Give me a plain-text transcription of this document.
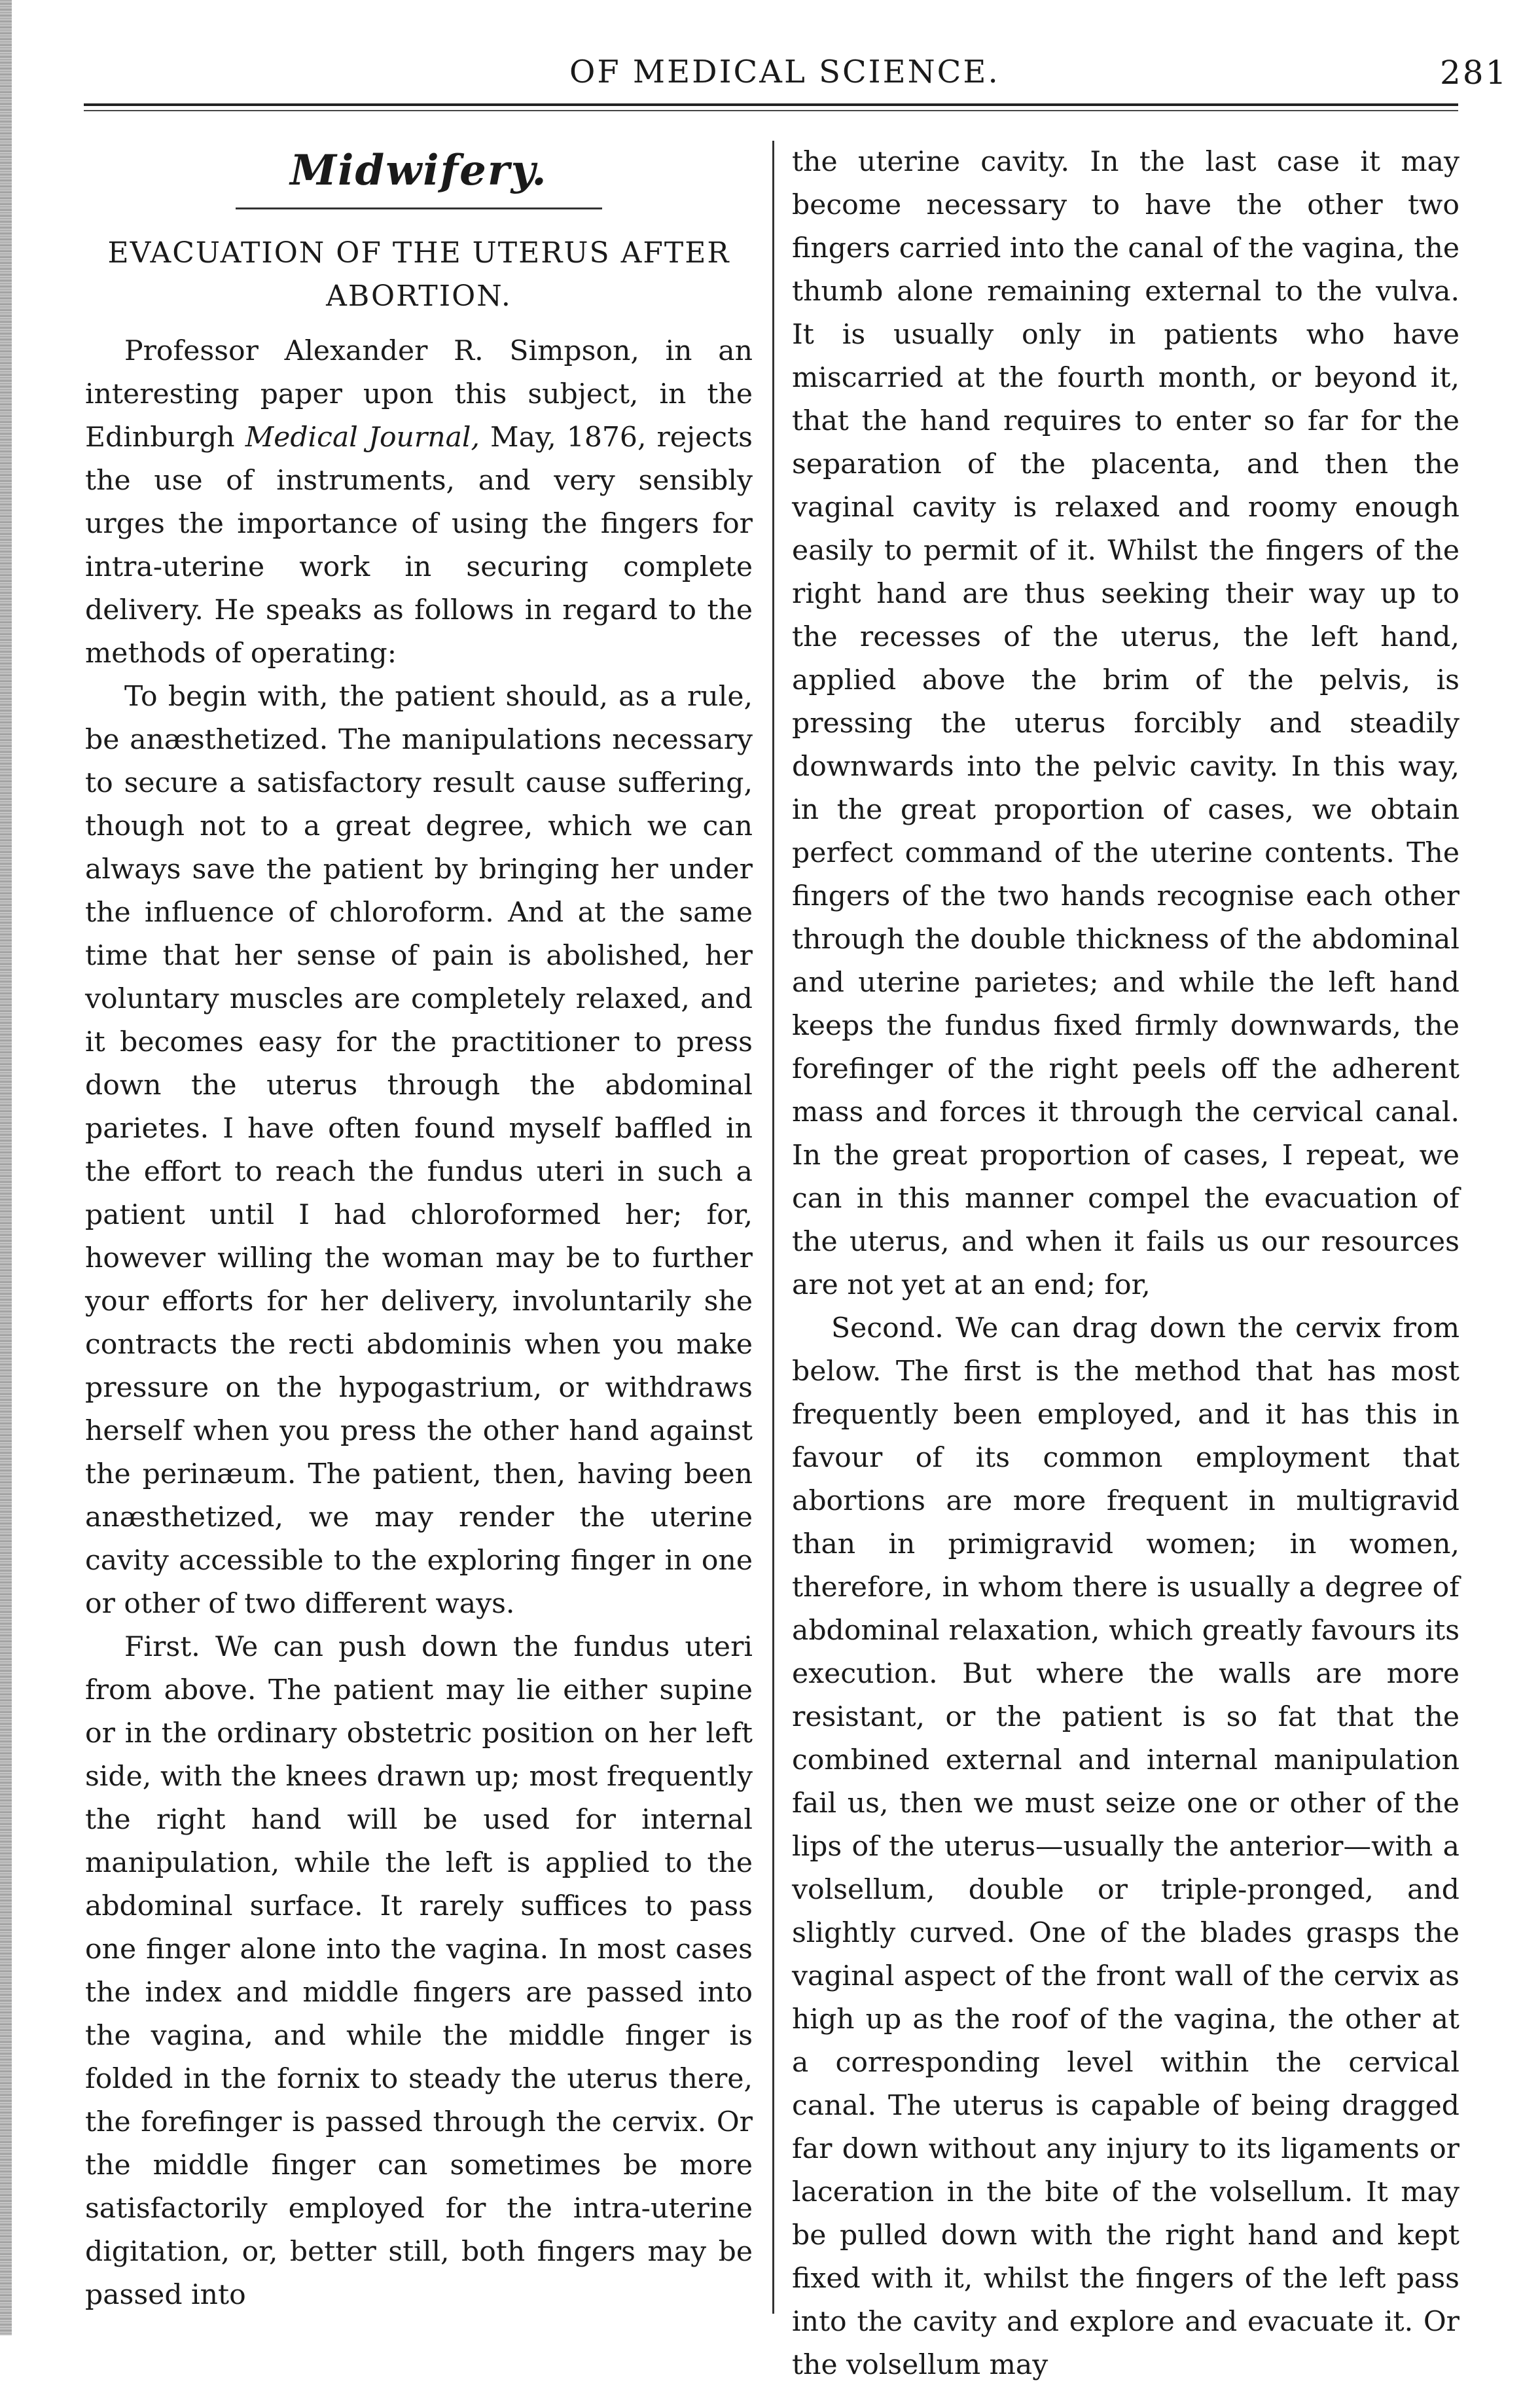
OF MEDICAL SCIENCE.	281
Midwifery.
EVACUATION OF THE UTERUS AFTER
ABORTION.

Professor Alexander R. Simpson, in an interesting paper upon this subject, in the Edinburgh Medical Journal, May, 1876, rejects the use of instruments, and very sensibly urges the importance of using the fingers for intra-uterine work in securing complete delivery. He speaks as follows in regard to the methods of operating:

To begin with, the patient should, as a rule, be anæsthetized. The manipulations necessary to secure a satisfactory result cause suffering, though not to a great degree, which we can always save the patient by bringing her under the influence of chloroform. And at the same time that her sense of pain is abolished, her voluntary muscles are completely relaxed, and it becomes easy for the practitioner to press down the uterus through the abdominal parietes. I have often found myself baffled in the effort to reach the fundus uteri in such a patient until I had chloroformed her; for, however willing the woman may be to further your efforts for her delivery, involuntarily she contracts the recti abdominis when you make pressure on the hypogastrium, or withdraws herself when you press the other hand against the perinæum. The patient, then, having been anæsthetized, we may render the uterine cavity accessible to the exploring finger in one or other of two different ways.

First. We can push down the fundus uteri from above. The patient may lie either supine or in the ordinary obstetric position on her left side, with the knees drawn up; most frequently the right hand will be used for internal manipulation, while the left is applied to the abdominal surface. It rarely suffices to pass one finger alone into the vagina. In most cases the index and middle fingers are passed into the vagina, and while the middle finger is folded in the fornix to steady the uterus there, the forefinger is passed through the cervix. Or the middle finger can sometimes be more satisfactorily employed for the intra-uterine digitation, or, better still, both fingers may be passed into

the uterine cavity. In the last case it may become necessary to have the other two fingers carried into the canal of the vagina, the thumb alone remaining external to the vulva. It is usually only in patients who have miscarried at the fourth month, or beyond it, that the hand requires to enter so far for the separation of the placenta, and then the vaginal cavity is relaxed and roomy enough easily to permit of it. Whilst the fingers of the right hand are thus seeking their way up to the recesses of the uterus, the left hand, applied above the brim of the pelvis, is pressing the uterus forcibly and steadily downwards into the pelvic cavity. In this way, in the great proportion of cases, we obtain perfect command of the uterine contents. The fingers of the two hands recognise each other through the double thickness of the abdominal and uterine parietes; and while the left hand keeps the fundus fixed firmly downwards, the forefinger of the right peels off the adherent mass and forces it through the cervical canal. In the great proportion of cases, I repeat, we can in this manner compel the evacuation of the uterus, and when it fails us our resources are not yet at an end; for,

Second. We can drag down the cervix from below. The first is the method that has most frequently been employed, and it has this in favour of its common employment that abortions are more frequent in multigravid than in primigravid women; in women, therefore, in whom there is usually a degree of abdominal relaxation, which greatly favours its execution. But where the walls are more resistant, or the patient is so fat that the combined external and internal manipulation fail us, then we must seize one or other of the lips of the uterus—usually the anterior—with a volsellum, double or triple-pronged, and slightly curved. One of the blades grasps the vaginal aspect of the front wall of the cervix as high up as the roof of the vagina, the other at a corresponding level within the cervical canal. The uterus is capable of being dragged far down without any injury to its ligaments or laceration in the bite of the volsellum. It may be pulled down with the right hand and kept fixed with it, whilst the fingers of the left pass into the cavity and explore and evacuate it. Or the volsellum may
